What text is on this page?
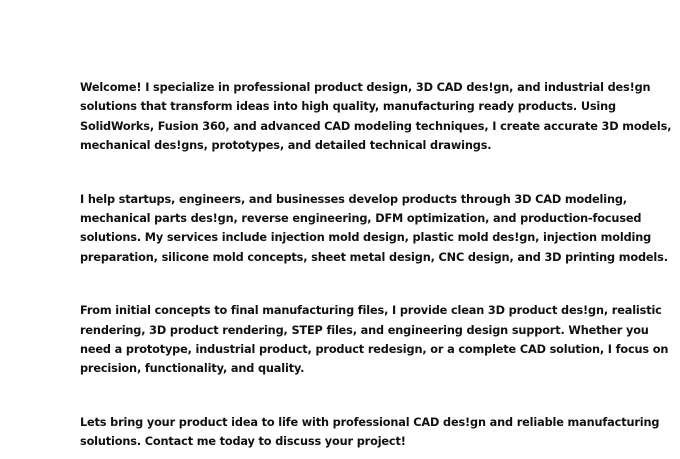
Welcome! I specialize in professional product design, 3D CAD des!gn, and industrial des!gn
solutions that transform ideas into high quality, manufacturing ready products. Using
SolidWorks, Fusion 360, and advanced CAD modeling techniques, I create accurate 3D models,
mechanical des!gns, prototypes, and detailed technical drawings.

I help startups, engineers, and businesses develop products through 3D CAD modeling,
mechanical parts des!gn, reverse engineering, DFM optimization, and production-focused
solutions. My services include injection mold design, plastic mold des!gn, injection molding
preparation, silicone mold concepts, sheet metal design, CNC design, and 3D printing models.

From initial concepts to final manufacturing files, I provide clean 3D product des!gn, realistic
rendering, 3D product rendering, STEP files, and engineering design support. Whether you
need a prototype, industrial product, product redesign, or a complete CAD solution, I focus on
precision, functionality, and quality.

Lets bring your product idea to life with professional CAD des!gn and reliable manufacturing
solutions. Contact me today to discuss your project!
